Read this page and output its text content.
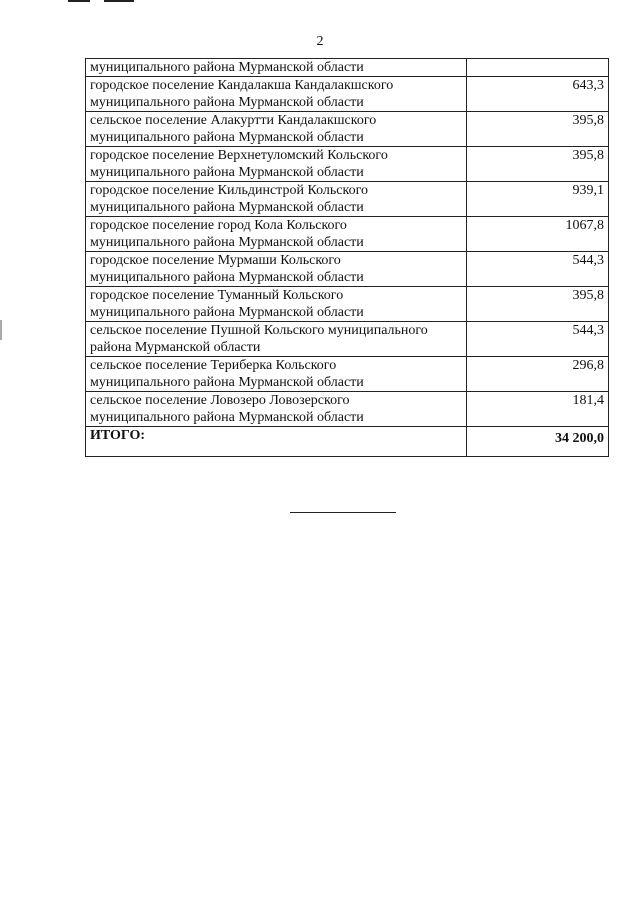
2
муниципального района Мурманской области	
городское поселение Кандалакша Кандалакшского
муниципального района Мурманской области	643,3
сельское поселение Алакуртти Кандалакшского
муниципального района Мурманской области	395,8
городское поселение Верхнетуломский Кольского
муниципального района Мурманской области	395,8
городское поселение Кильдинстрой Кольского
муниципального района Мурманской области	939,1
городское поселение город Кола Кольского
муниципального района Мурманской области	1067,8
городское поселение Мурмаши Кольского
муниципального района Мурманской области	544,3
городское поселение Туманный Кольского
муниципального района Мурманской области	395,8
сельское поселение Пушной Кольского муниципального
района Мурманской области	544,3
сельское поселение Териберка Кольского
муниципального района Мурманской области	296,8
сельское поселение Ловозеро Ловозерского
муниципального района Мурманской области	181,4
ИТОГО:	34 200,0
